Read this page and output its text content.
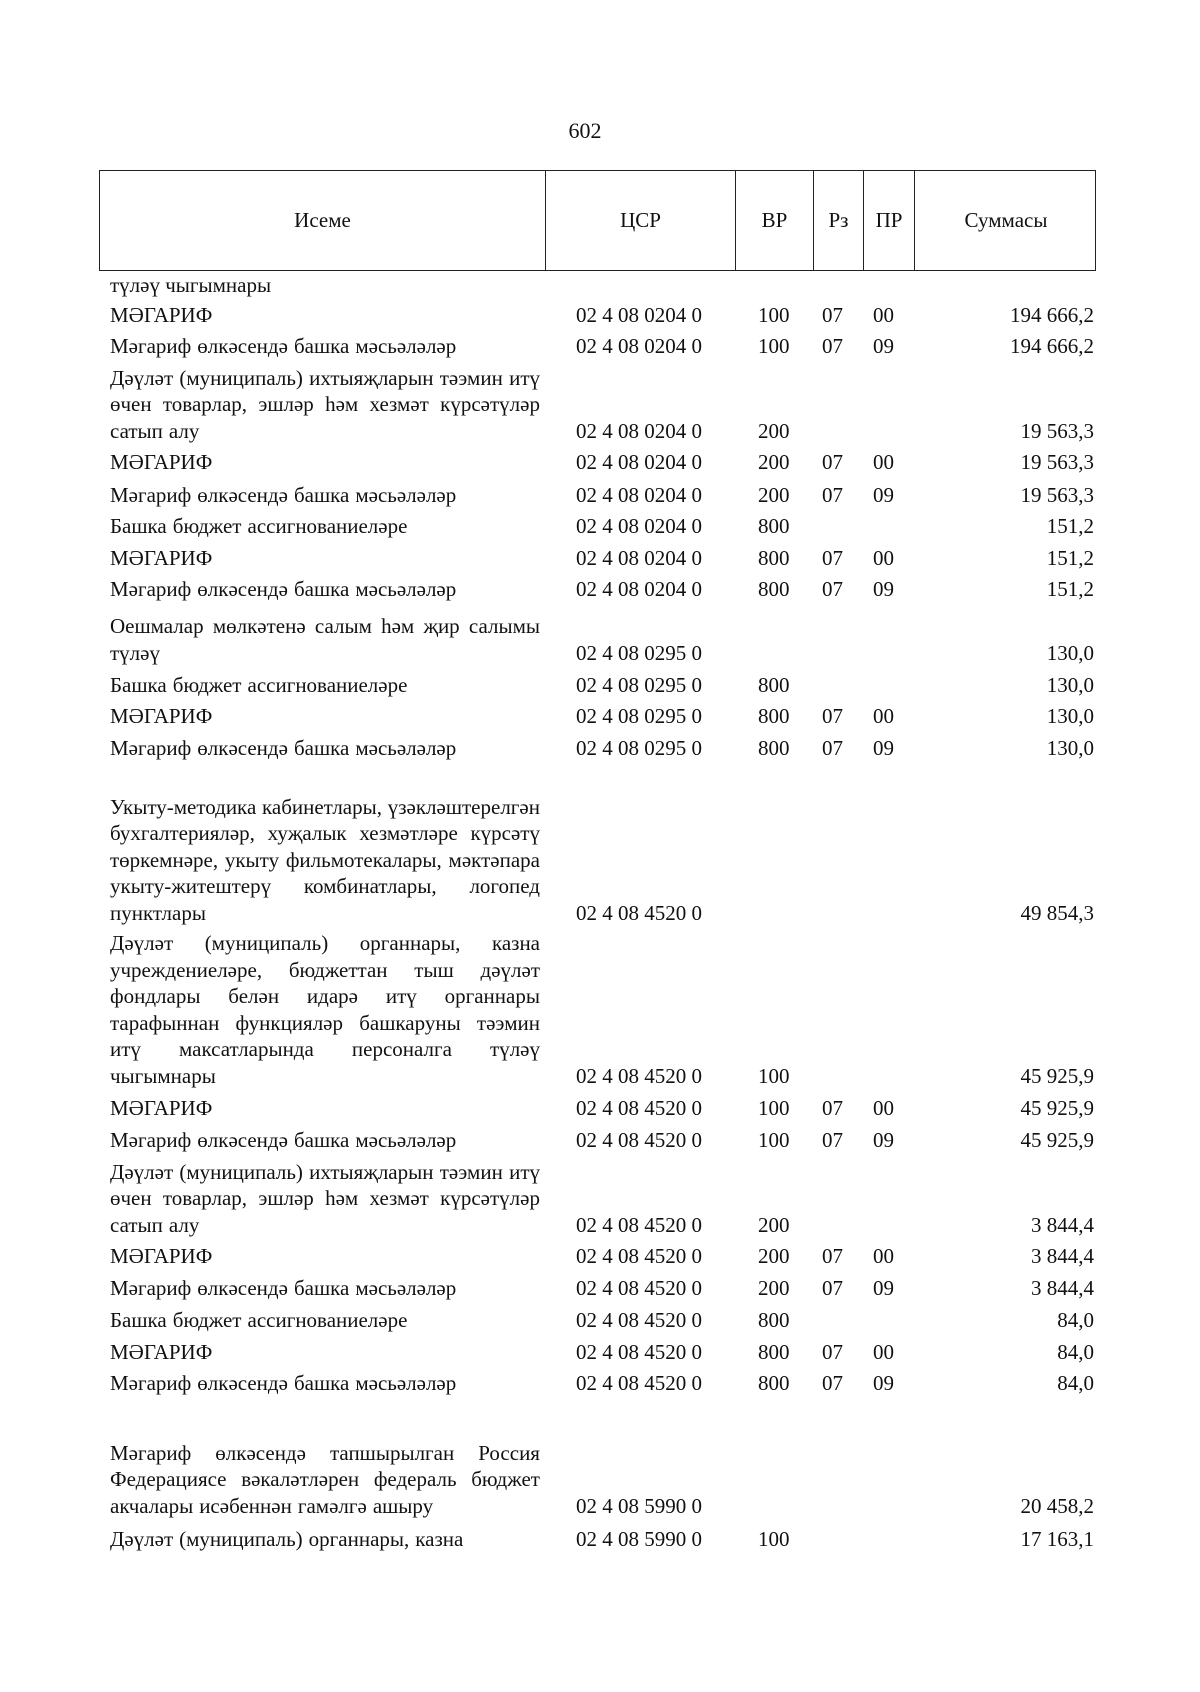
602
Исеме	ЦСР	ВР	Рз	ПР	Суммасы
түләү чыгымнары
МӘГАРИФ	02 4 08 0204 0	100 07 00	194 666,2
Мәгариф өлкәсендә башка мәсьәләләр	02 4 08 0204 0	100 07 09	194 666,2
Дәүләт (муниципаль) ихтыяҗларын тәэмин итү
өчен товарлар, эшләр һәм хезмәт күрсәтүләр
сатып алу	02 4 08 0204 0	200	19 563,3
МӘГАРИФ	02 4 08 0204 0	200 07 00	19 563,3
Мәгариф өлкәсендә башка мәсьәләләр	02 4 08 0204 0	200 07 09	19 563,3
Башка бюджет ассигнованиеләре	02 4 08 0204 0	800	151,2
МӘГАРИФ	02 4 08 0204 0	800 07 00	151,2
Мәгариф өлкәсендә башка мәсьәләләр	02 4 08 0204 0	800 07 09	151,2
Оешмалар мөлкәтенә салым һәм җир салымы
түләү	02 4 08 0295 0	130,0
Башка бюджет ассигнованиеләре	02 4 08 0295 0	800	130,0
МӘГАРИФ	02 4 08 0295 0	800 07 00	130,0
Мәгариф өлкәсендә башка мәсьәләләр	02 4 08 0295 0	800 07 09	130,0
Укыту-методика кабинетлары, үзәкләштерелгән
бухгалтерияләр, хуҗалык хезмәтләре күрсәтү
төркемнәре, укыту фильмотекалары, мәктәпара
укыту-житештерү комбинатлары, логопед
пунктлары	02 4 08 4520 0	49 854,3
Дәүләт (муниципаль) органнары, казна
учреждениеләре, бюджеттан тыш дәүләт
фондлары белән идарә итү органнары
тарафыннан функцияләр башкаруны тәэмин
итү максатларында персоналга түләү
чыгымнары	02 4 08 4520 0	100	45 925,9
МӘГАРИФ	02 4 08 4520 0	100 07 00	45 925,9
Мәгариф өлкәсендә башка мәсьәләләр	02 4 08 4520 0	100 07 09	45 925,9
Дәүләт (муниципаль) ихтыяҗларын тәэмин итү
өчен товарлар, эшләр һәм хезмәт күрсәтүләр
сатып алу	02 4 08 4520 0	200	3 844,4
МӘГАРИФ	02 4 08 4520 0	200 07 00	3 844,4
Мәгариф өлкәсендә башка мәсьәләләр	02 4 08 4520 0	200 07 09	3 844,4
Башка бюджет ассигнованиеләре	02 4 08 4520 0	800	84,0
МӘГАРИФ	02 4 08 4520 0	800 07 00	84,0
Мәгариф өлкәсендә башка мәсьәләләр	02 4 08 4520 0	800 07 09	84,0
Мәгариф өлкәсендә тапшырылган Россия
Федерациясе вәкаләтләрен федераль бюджет
акчалары исәбеннән гамәлгә ашыру	02 4 08 5990 0	20 458,2
Дәүләт (муниципаль) органнары, казна	02 4 08 5990 0	100	17 163,1
